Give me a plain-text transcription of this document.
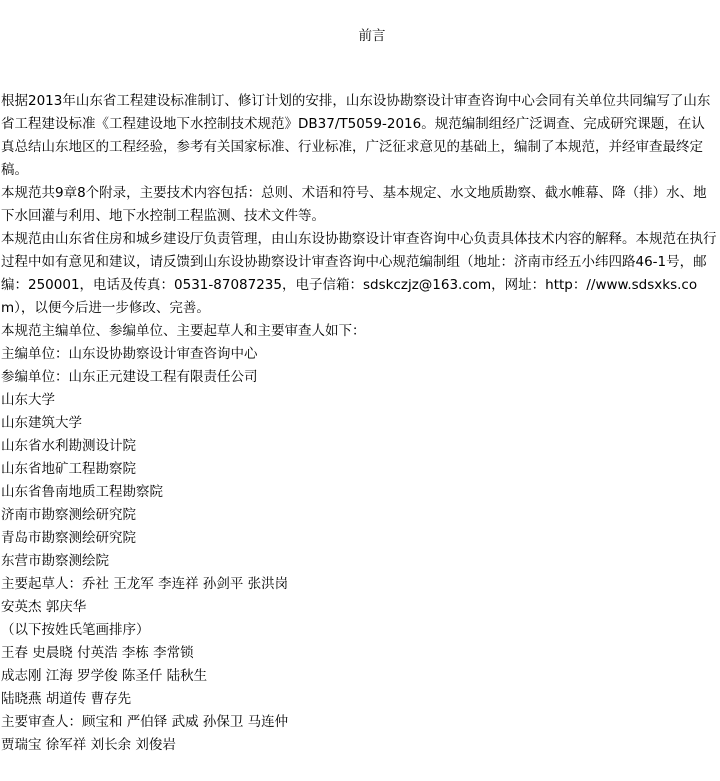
前言

根据2013年山东省工程建设标准制订、修订计划的安排，山东设协勘察设计审查咨询中心会同有关单位共同编写了山东省工程建设标准《工程建设地下水控制技术规范》DB37/T5059-2016。规范编制组经广泛调查、完成研究课题，在认真总结山东地区的工程经验，参考有关国家标准、行业标准，广泛征求意见的基础上，编制了本规范，并经审查最终定稿。

本规范共9章8个附录，主要技术内容包括：总则、术语和符号、基本规定、水文地质勘察、截水帷幕、降（排）水、地下水回灌与利用、地下水控制工程监测、技术文件等。

本规范由山东省住房和城乡建设厅负责管理，由山东设协勘察设计审查咨询中心负责具体技术内容的解释。本规范在执行过程中如有意见和建议，请反馈到山东设协勘察设计审查咨询中心规范编制组（地址：济南市经五小纬四路46-1号，邮编：250001，电话及传真：0531-87087235，电子信箱：sdskczjz@163.com，网址：http：//www.sdsxks.com），以便今后进一步修改、完善。

本规范主编单位、参编单位、主要起草人和主要审查人如下：
主编单位：山东设协勘察设计审查咨询中心
参编单位：山东正元建设工程有限责任公司
山东大学
山东建筑大学
山东省水利勘测设计院
山东省地矿工程勘察院
山东省鲁南地质工程勘察院
济南市勘察测绘研究院
青岛市勘察测绘研究院
东营市勘察测绘院
主要起草人：乔社 王龙军 李连祥 孙剑平 张洪岗
安英杰 郭庆华
（以下按姓氏笔画排序）
王春 史晨晓 付英浩 李栋 李常锁
成志刚 江海 罗学俊 陈圣仟 陆秋生
陆晓燕 胡道传 曹存先
主要审查人：顾宝和 严伯铎 武威 孙保卫 马连仲
贾瑞宝 徐军祥 刘长余 刘俊岩
